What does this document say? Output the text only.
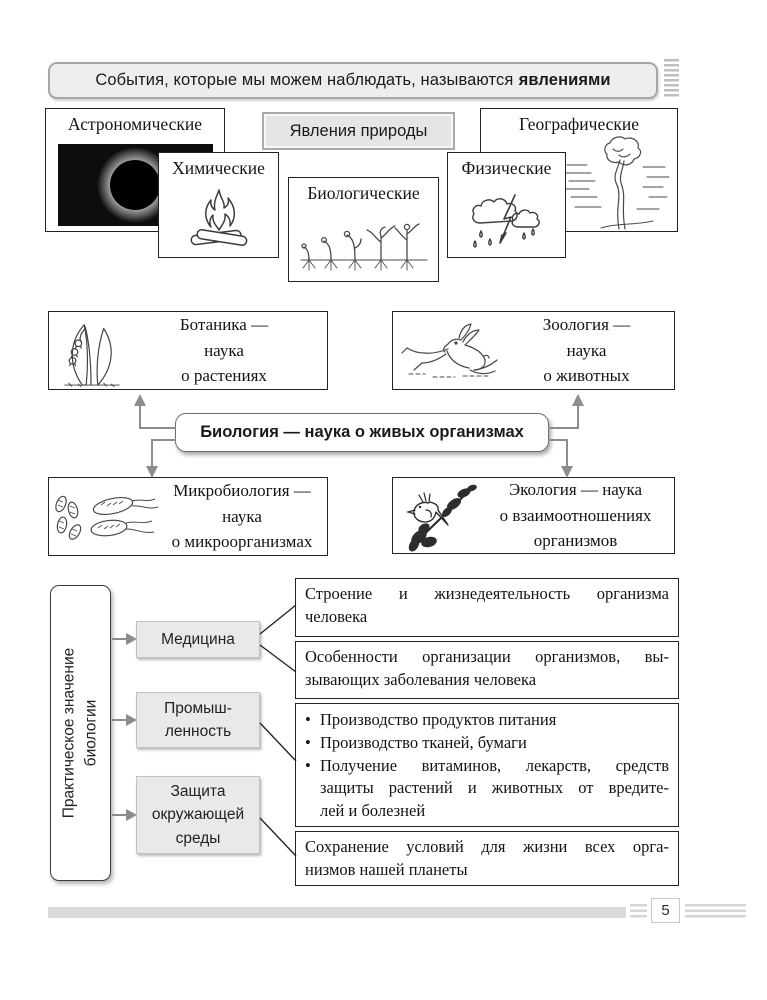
События, которые мы можем наблюдать, называются явлениями
Астрономические	Географические
Явления природы
Химические
Биологические
Физические
Ботаника —
наука
о растениях
Зоология —
наука
о животных
Биология — наука о живых организмах
Микробиология —
наука
о микроорганизмах
Экология — наука
о взаимоотношениях
организмов
Практическое значение биологии
Медицина
Промыш-
ленность
Защита
окружающей
среды
Строение и жизнедеятельность организма
человека
Особенности организации организмов, вы-
зывающих заболевания человека
• Производство продуктов питания
• Производство тканей, бумаги
• Получение витаминов, лекарств, средств
защиты растений и животных от вредите-
лей и болезней
Сохранение условий для жизни всех орга-
низмов нашей планеты
5
